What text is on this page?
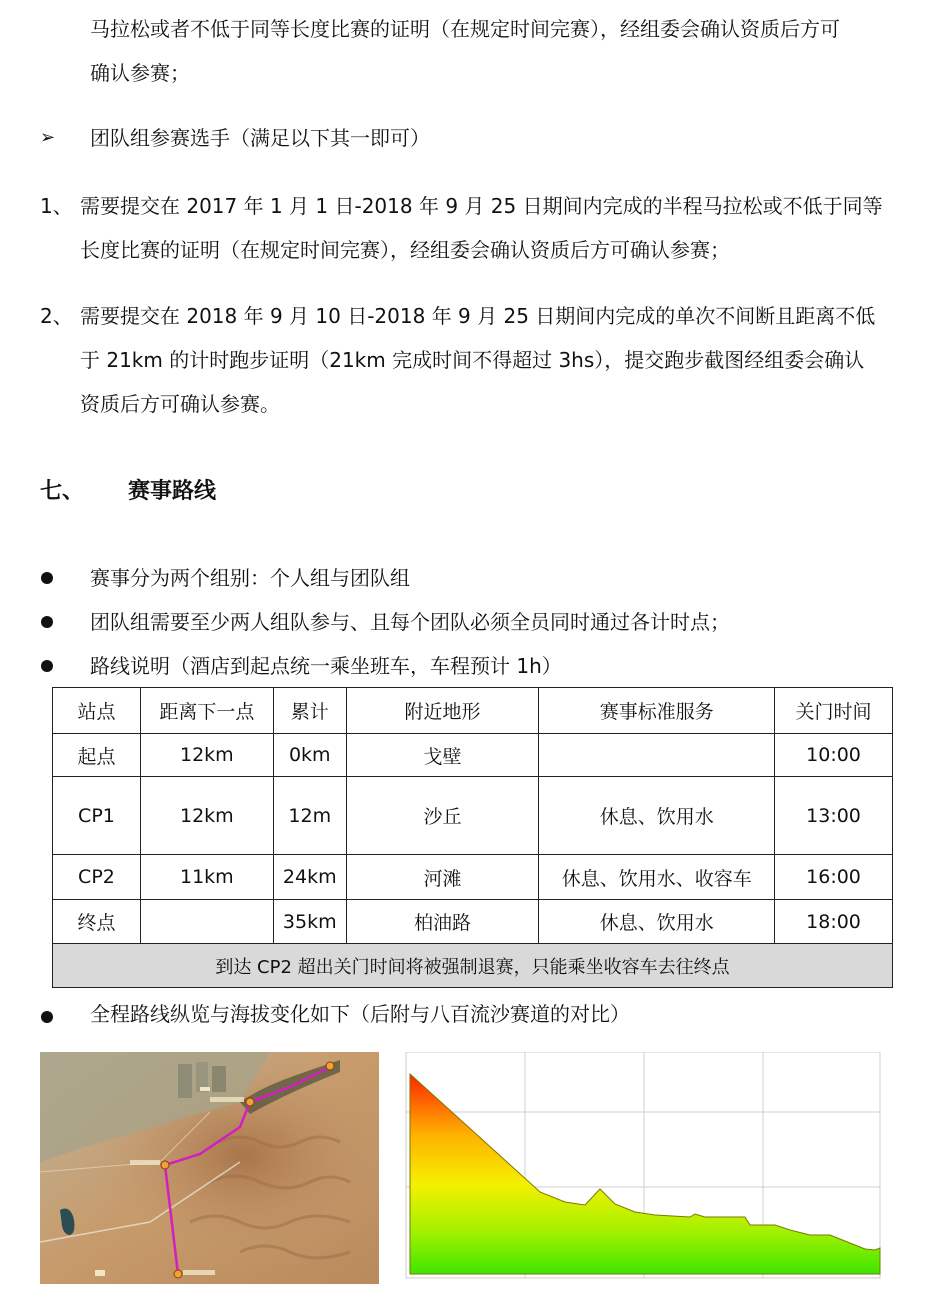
马拉松或者不低于同等长度比赛的证明（在规定时间完赛），经组委会确认资质后方可
确认参赛；
➢ 团队组参赛选手（满足以下其一即可）
1、 需要提交在 2017 年 1 月 1 日-2018 年 9 月 25 日期间内完成的半程马拉松或不低于同等
长度比赛的证明（在规定时间完赛），经组委会确认资质后方可确认参赛；
2、 需要提交在 2018 年 9 月 10 日-2018 年 9 月 25 日期间内完成的单次不间断且距离不低
于 21km 的计时跑步证明（21km 完成时间不得超过 3hs），提交跑步截图经组委会确认
资质后方可确认参赛。
七、 赛事路线
赛事分为两个组别：个人组与团队组
团队组需要至少两人组队参与、且每个团队必须全员同时通过各计时点；
路线说明（酒店到起点统一乘坐班车，车程预计 1h）
站点	距离下一点	累计	附近地形	赛事标准服务	关门时间
起点	12km	0km	戈壁		10:00
CP1	12km	12m	沙丘	休息、饮用水	13:00
CP2	11km	24km	河滩	休息、饮用水、收容车	16:00
终点		35km	柏油路	休息、饮用水	18:00
到达 CP2 超出关门时间将被强制退赛，只能乘坐收容车去往终点					
全程路线纵览与海拔变化如下（后附与八百流沙赛道的对比）
